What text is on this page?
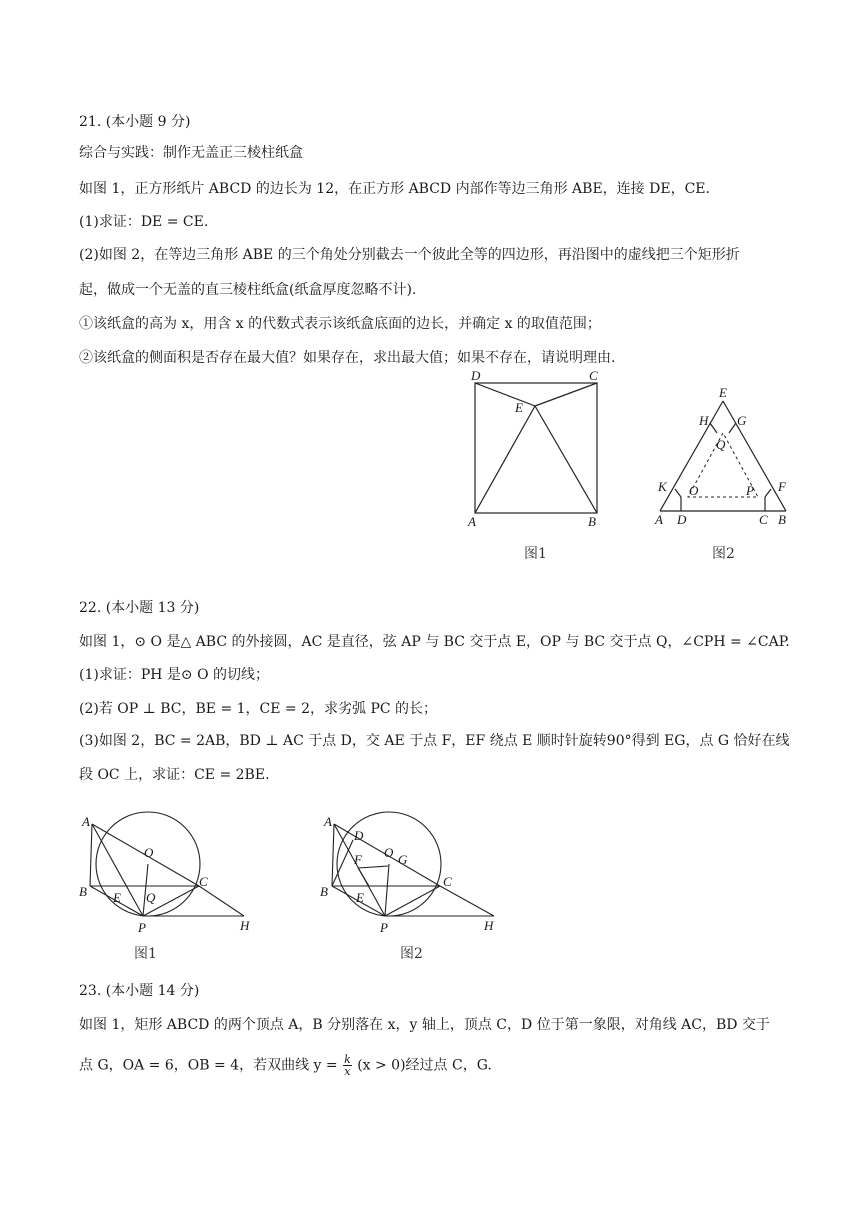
21. (本小题 9 分)
综合与实践：制作无盖正三棱柱纸盒
如图 1，正方形纸片 ABCD 的边长为 12，在正方形 ABCD 内部作等边三角形 ABE，连接 DE，CE.
(1)求证：DE = CE.
(2)如图 2，在等边三角形 ABE 的三个角处分别截去一个彼此全等的四边形，再沿图中的虚线把三个矩形折
起，做成一个无盖的直三棱柱纸盒(纸盒厚度忽略不计).
①该纸盒的高为 x，用含 x 的代数式表示该纸盒底面的边长，并确定 x 的取值范围；
②该纸盒的侧面积是否存在最大值？如果存在，求出最大值；如果不存在，请说明理由.
D	C
E
A	B
图1
E
H G
Q
K O	P F
A D	C B
图2
22. (本小题 13 分)
如图 1，⊙ O 是△ ABC 的外接圆，AC 是直径，弦 AP 与 BC 交于点 E，OP 与 BC 交于点 Q，∠CPH = ∠CAP.
(1)求证：PH 是⊙ O 的切线；
(2)若 OP ⊥ BC，BE = 1，CE = 2，求劣弧 PC 的长；
(3)如图 2，BC = 2AB，BD ⊥ AC 于点 D，交 AE 于点 F，EF 绕点 E 顺时针旋转90°得到 EG，点 G 恰好在线
段 OC 上，求证：CE = 2BE.
A
O
B E Q
C
P	H
图1
A
D
F O G
B E
C
P	H
图2
23. (本小题 14 分)
如图 1，矩形 ABCD 的两个顶点 A，B 分别落在 x，y 轴上，顶点 C，D 位于第一象限，对角线 AC，BD 交于
点 G，OA = 6，OB = 4，若双曲线 $y = \frac{k}{x} (x > 0)$经过点 C，G.
